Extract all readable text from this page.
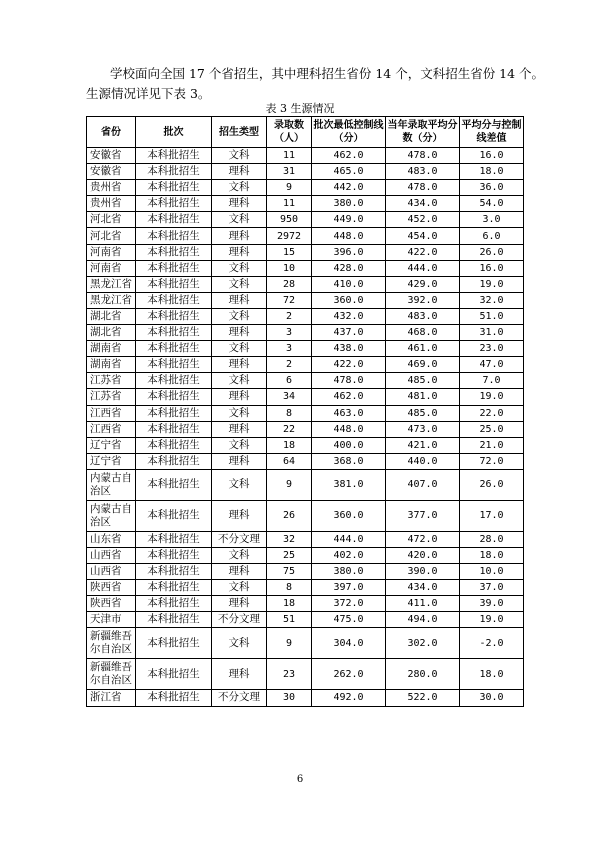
学校面向全国 17 个省招生，其中理科招生省份 14 个，文科招生省份 14 个。
生源情况详见下表 3。
表 3 生源情况
省份	批次	招生类型	录取数（人）	批次最低控制线（分）	当年录取平均分数（分）	平均分与控制线差值
安徽省	本科批招生	文科	11	462.0	478.0	16.0
安徽省	本科批招生	理科	31	465.0	483.0	18.0
贵州省	本科批招生	文科	9	442.0	478.0	36.0
贵州省	本科批招生	理科	11	380.0	434.0	54.0
河北省	本科批招生	文科	950	449.0	452.0	3.0
河北省	本科批招生	理科	2972	448.0	454.0	6.0
河南省	本科批招生	理科	15	396.0	422.0	26.0
河南省	本科批招生	文科	10	428.0	444.0	16.0
黑龙江省	本科批招生	文科	28	410.0	429.0	19.0
黑龙江省	本科批招生	理科	72	360.0	392.0	32.0
湖北省	本科批招生	文科	2	432.0	483.0	51.0
湖北省	本科批招生	理科	3	437.0	468.0	31.0
湖南省	本科批招生	文科	3	438.0	461.0	23.0
湖南省	本科批招生	理科	2	422.0	469.0	47.0
江苏省	本科批招生	文科	6	478.0	485.0	7.0
江苏省	本科批招生	理科	34	462.0	481.0	19.0
江西省	本科批招生	文科	8	463.0	485.0	22.0
江西省	本科批招生	理科	22	448.0	473.0	25.0
辽宁省	本科批招生	文科	18	400.0	421.0	21.0
辽宁省	本科批招生	理科	64	368.0	440.0	72.0
内蒙古自治区	本科批招生	文科	9	381.0	407.0	26.0
内蒙古自治区	本科批招生	理科	26	360.0	377.0	17.0
山东省	本科批招生	不分文理	32	444.0	472.0	28.0
山西省	本科批招生	文科	25	402.0	420.0	18.0
山西省	本科批招生	理科	75	380.0	390.0	10.0
陕西省	本科批招生	文科	8	397.0	434.0	37.0
陕西省	本科批招生	理科	18	372.0	411.0	39.0
天津市	本科批招生	不分文理	51	475.0	494.0	19.0
新疆维吾尔自治区	本科批招生	文科	9	304.0	302.0	-2.0
新疆维吾尔自治区	本科批招生	理科	23	262.0	280.0	18.0
浙江省	本科批招生	不分文理	30	492.0	522.0	30.0
6
